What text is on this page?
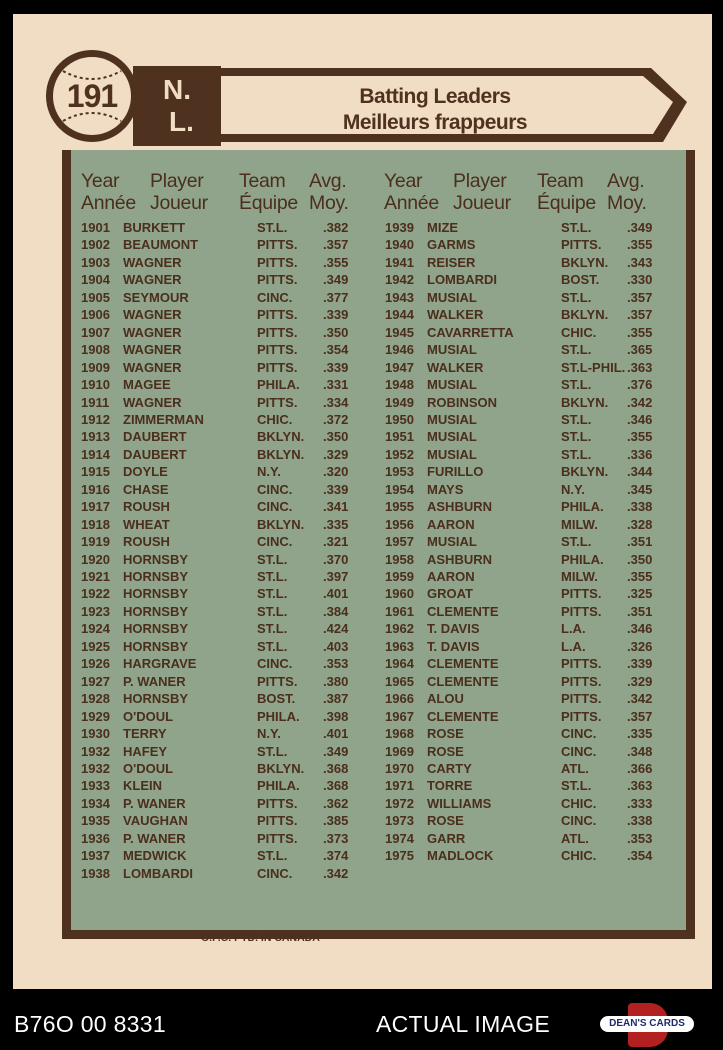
191 N.
L.
Batting Leaders
Meilleurs frappeurs
Year
Année
Player
Joueur
Team
Équipe
Avg.
Moy.
Year
Année
Player
Joueur
Team
Équipe
Avg.
Moy.
1901 BURKETT	ST.L.	.382
1902 BEAUMONT	PITTS. .357
1903 WAGNER	PITTS. .355
1904 WAGNER	PITTS. .349
1905 SEYMOUR	CINC. .377
1906 WAGNER	PITTS. .339
1907 WAGNER	PITTS. .350
1908 WAGNER	PITTS. .354
1909 WAGNER	PITTS. .339
1910 MAGEE	PHILA. .331
1911 WAGNER	PITTS. .334
1912 ZIMMERMAN	CHIC. .372
1913 DAUBERT	BKLYN. .350
1914 DAUBERT	BKLYN. .329
1915 DOYLE	N.Y.	.320
1916 CHASE	CINC. .339
1917 ROUSH	CINC. .341
1918 WHEAT	BKLYN. .335
1919 ROUSH	CINC. .321
1920 HORNSBY	ST.L.	.370
1921 HORNSBY	ST.L.	.397
1922 HORNSBY	ST.L.	.401
1923 HORNSBY	ST.L.	.384
1924 HORNSBY	ST.L.	.424
1925 HORNSBY	ST.L.	.403
1926 HARGRAVE	CINC. .353
1927 P. WANER	PITTS. .380
1928 HORNSBY	BOST. .387
1929 O'DOUL	PHILA. .398
1930 TERRY	N.Y.	.401
1932 HAFEY	ST.L.	.349
1932 O'DOUL	BKLYN. .368
1933 KLEIN	PHILA. .368
1934 P. WANER	PITTS. .362
1935 VAUGHAN	PITTS. .385
1936 P. WANER	PITTS. .373
1937 MEDWICK	ST.L.	.374
1938 LOMBARDI	CINC. .342
1939 MIZE	ST.L.	.349
1940 GARMS	PITTS. .355
1941 REISER	BKLYN. .343
1942 LOMBARDI	BOST. .330
1943 MUSIAL	ST.L.	.357
1944 WALKER	BKLYN. .357
1945 CAVARRETTA	CHIC. .355
1946 MUSIAL	ST.L.	.365
1947 WALKER	ST.L-PHIL. .363
1948 MUSIAL	ST.L.	.376
1949 ROBINSON	BKLYN. .342
1950 MUSIAL	ST.L.	.346
1951 MUSIAL	ST.L.	.355
1952 MUSIAL	ST.L.	.336
1953 FURILLO	BKLYN. .344
1954 MAYS	N.Y.	.345
1955 ASHBURN	PHILA. .338
1956 AARON	MILW. .328
1957 MUSIAL	ST.L.	.351
1958 ASHBURN	PHILA. .350
1959 AARON	MILW. .355
1960 GROAT	PITTS. .325
1961 CLEMENTE	PITTS. .351
1962 T. DAVIS	L.A.	.346
1963 T. DAVIS	L.A.	.326
1964 CLEMENTE	PITTS. .339
1965 CLEMENTE	PITTS. .329
1966 ALOU	PITTS. .342
1967 CLEMENTE	PITTS. .357
1968 ROSE	CINC. .335
1969 ROSE	CINC. .348
1970 CARTY	ATL.	.366
1971 TORRE	ST.L.	.363
1972 WILLIAMS	CHIC. .333
1973 ROSE	CINC. .338
1974 GARR	ATL.	.353
1975 MADLOCK	CHIC. .354
O.P.C. PTD. IN CANADA
B76O 00 8331	ACTUAL IMAGE	DEAN'S CARDS
